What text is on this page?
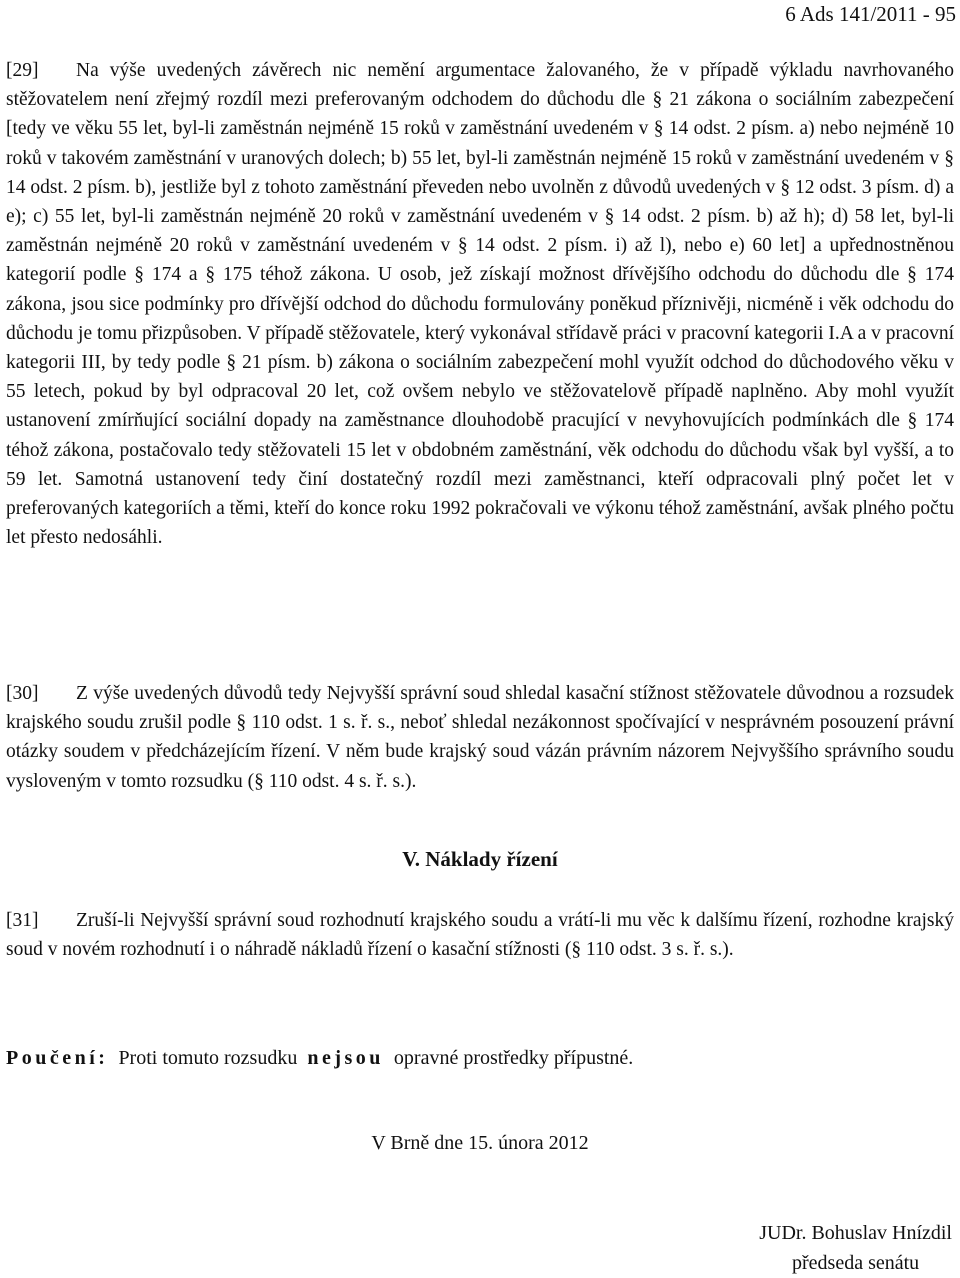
6 Ads 141/2011 - 95
[29] Na výše uvedených závěrech nic nemění argumentace žalovaného, že v případě výkladu navrhovaného stěžovatelem není zřejmý rozdíl mezi preferovaným odchodem do důchodu dle § 21 zákona o sociálním zabezpečení [tedy ve věku 55 let, byl-li zaměstnán nejméně 15 roků v zaměstnání uvedeném v § 14 odst. 2 písm. a) nebo nejméně 10 roků v takovém zaměstnání v uranových dolech; b) 55 let, byl-li zaměstnán nejméně 15 roků v zaměstnání uvedeném v § 14 odst. 2 písm. b), jestliže byl z tohoto zaměstnání převeden nebo uvolněn z důvodů uvedených v § 12 odst. 3 písm. d) a e); c) 55 let, byl-li zaměstnán nejméně 20 roků v zaměstnání uvedeném v § 14 odst. 2 písm. b) až h); d) 58 let, byl-li zaměstnán nejméně 20 roků v zaměstnání uvedeném v § 14 odst. 2 písm. i) až l), nebo e) 60 let] a upřednostněnou kategorií podle § 174 a § 175 téhož zákona. U osob, jež získají možnost dřívějšího odchodu do důchodu dle § 174 zákona, jsou sice podmínky pro dřívější odchod do důchodu formulovány poněkud příznivěji, nicméně i věk odchodu do důchodu je tomu přizpůsoben. V případě stěžovatele, který vykonával střídavě práci v pracovní kategorii I.A a v pracovní kategorii III, by tedy podle § 21 písm. b) zákona o sociálním zabezpečení mohl využít odchod do důchodového věku v 55 letech, pokud by byl odpracoval 20 let, což ovšem nebylo ve stěžovatelově případě naplněno. Aby mohl využít ustanovení zmírňující sociální dopady na zaměstnance dlouhodobě pracující v nevyhovujících podmínkách dle § 174 téhož zákona, postačovalo tedy stěžovateli 15 let v obdobném zaměstnání, věk odchodu do důchodu však byl vyšší, a to 59 let. Samotná ustanovení tedy činí dostatečný rozdíl mezi zaměstnanci, kteří odpracovali plný počet let v preferovaných kategoriích a těmi, kteří do konce roku 1992 pokračovali ve výkonu téhož zaměstnání, avšak plného počtu let přesto nedosáhli.
[30] Z výše uvedených důvodů tedy Nejvyšší správní soud shledal kasační stížnost stěžovatele důvodnou a rozsudek krajského soudu zrušil podle § 110 odst. 1 s. ř. s., neboť shledal nezákonnost spočívající v nesprávném posouzení právní otázky soudem v předcházejícím řízení. V něm bude krajský soud vázán právním názorem Nejvyššího správního soudu vysloveným v tomto rozsudku (§ 110 odst. 4 s. ř. s.).
V. Náklady řízení
[31] Zruší-li Nejvyšší správní soud rozhodnutí krajského soudu a vrátí-li mu věc k dalšímu řízení, rozhodne krajský soud v novém rozhodnutí i o náhradě nákladů řízení o kasační stížnosti (§ 110 odst. 3 s. ř. s.).
Poučení: Proti tomuto rozsudku nejsou opravné prostředky přípustné.
V Brně dne 15. února 2012
JUDr. Bohuslav Hnízdil
předseda senátu
